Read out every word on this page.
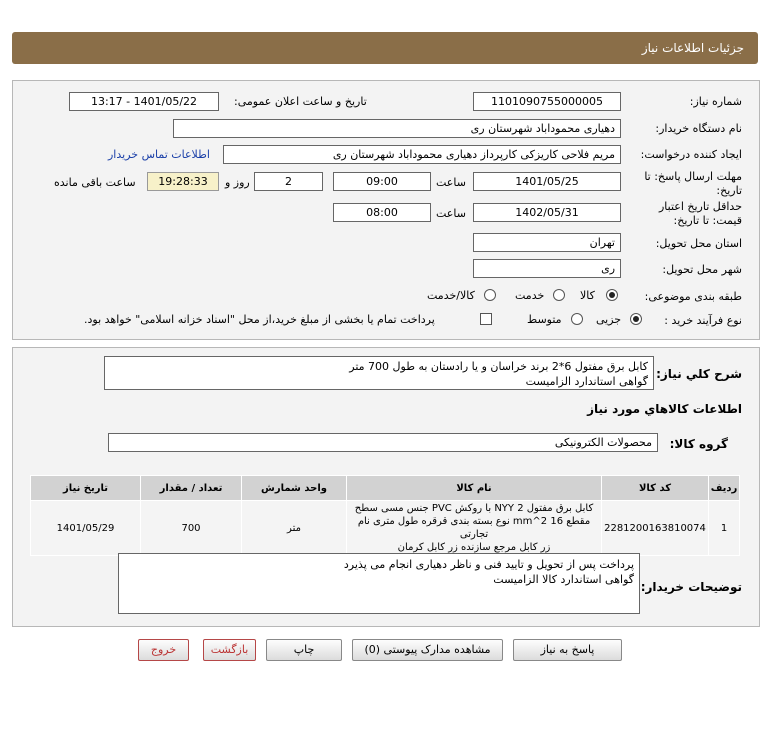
جزئیات اطلاعات نیاز
شماره نیاز:
1101090755000005
تاریخ و ساعت اعلان عمومی:
1401/05/22 - 13:17
نام دستگاه خریدار:
دهیاری محموداباد شهرستان ری
ایجاد کننده درخواست:
مریم فلاحی کاریزکی کارپرداز دهیاری محموداباد شهرستان ری
اطلاعات تماس خریدار
مهلت ارسال پاسخ: تا
تاریخ:
1401/05/25
ساعت
09:00
2
روز و
19:28:33
ساعت باقی مانده
حداقل تاریخ اعتبار
قیمت: تا تاریخ:
1402/05/31
ساعت
08:00
استان محل تحویل:
تهران
شهر محل تحویل:
ری
طبقه بندی موضوعی:
کالا
خدمت
کالا/خدمت
نوع فرآیند خرید :
جزیی
متوسط
پرداخت تمام یا بخشی از مبلغ خرید،از محل "اسناد خزانه اسلامی" خواهد بود.
شرح كلي نياز:
کابل برق مفتول 6*2 برند خراسان و یا رادستان به طول 700 متر
گواهی استاندارد الزامیست
اطلاعات كالاهاي مورد نياز
گروه کالا:
محصولات الکترونیکی
ردیف	کد کالا	نام کالا	واحد شمارش	تعداد / مقدار	تاریخ نیاز
1	2281200163810074	کابل برق مفتول 2 NYY با روکش PVC جنس مسی سطح
مقطع 16 mm^2 نوع بسته بندی قرقره طول متری نام تجارتی
زر کابل مرجع سازنده زر کابل کرمان	متر	700	1401/05/29
توضیحات خریدار:
پرداخت پس از تحویل و تایید فنی و ناظر دهیاری انجام می پذیرد
گواهی استاندارد کالا الزامیست
پاسخ به نیاز
مشاهده مدارک پیوستی (0)
چاپ
بازگشت
خروج
